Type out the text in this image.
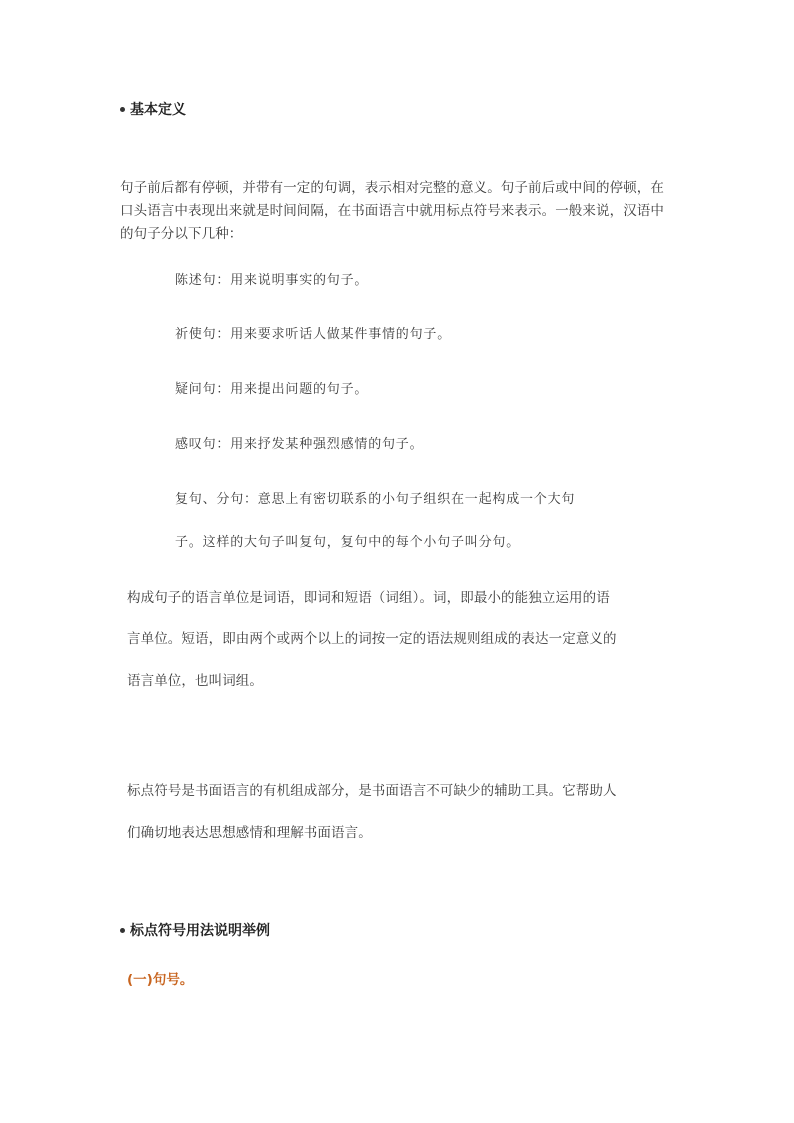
基本定义
句子前后都有停顿，并带有一定的句调，表示相对完整的意义。句子前后或中间的停顿，在
口头语言中表现出来就是时间间隔，在书面语言中就用标点符号来表示。一般来说，汉语中
的句子分以下几种：
陈述句：用来说明事实的句子。
祈使句：用来要求听话人做某件事情的句子。
疑问句：用来提出问题的句子。
感叹句：用来抒发某种强烈感情的句子。
复句、分句：意思上有密切联系的小句子组织在一起构成一个大句
子。这样的大句子叫复句，复句中的每个小句子叫分句。
构成句子的语言单位是词语，即词和短语（词组）。词，即最小的能独立运用的语
言单位。短语，即由两个或两个以上的词按一定的语法规则组成的表达一定意义的
语言单位，也叫词组。
标点符号是书面语言的有机组成部分，是书面语言不可缺少的辅助工具。它帮助人
们确切地表达思想感情和理解书面语言。
标点符号用法说明举例
(一)句号。
